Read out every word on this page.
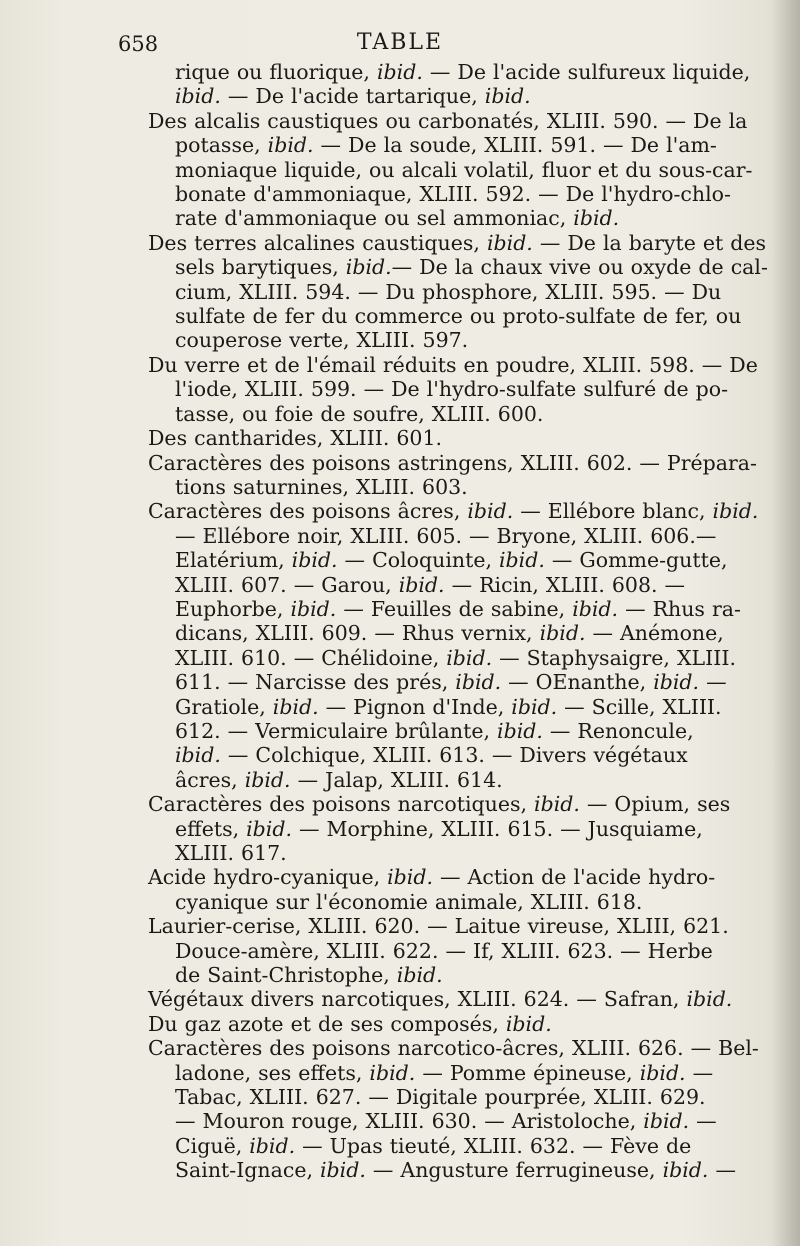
658	TABLE

rique ou fluorique, ibid. — De l'acide sulfureux liquide,

ibid. — De l'acide tartarique, ibid.

Des alcalis caustiques ou carbonatés, XLIII. 590. — De la

potasse, ibid. — De la soude, XLIII. 591. — De l'am-

moniaque liquide, ou alcali volatil, fluor et du sous-car-

bonate d'ammoniaque, XLIII. 592. — De l'hydro-chlo-

rate d'ammoniaque ou sel ammoniac, ibid.

Des terres alcalines caustiques, ibid. — De la baryte et des

sels barytiques, ibid.— De la chaux vive ou oxyde de cal-

cium, XLIII. 594. — Du phosphore, XLIII. 595. — Du

sulfate de fer du commerce ou proto-sulfate de fer, ou

couperose verte, XLIII. 597.

Du verre et de l'émail réduits en poudre, XLIII. 598. — De

l'iode, XLIII. 599. — De l'hydro-sulfate sulfuré de po-

tasse, ou foie de soufre, XLIII. 600.

Des cantharides, XLIII. 601.

Caractères des poisons astringens, XLIII. 602. — Prépara-

tions saturnines, XLIII. 603.

Caractères des poisons âcres, ibid. — Ellébore blanc, ibid.

— Ellébore noir, XLIII. 605. — Bryone, XLIII. 606.—

Elatérium, ibid. — Coloquinte, ibid. — Gomme-gutte,

XLIII. 607. — Garou, ibid. — Ricin, XLIII. 608. —

Euphorbe, ibid. — Feuilles de sabine, ibid. — Rhus ra-

dicans, XLIII. 609. — Rhus vernix, ibid. — Anémone,

XLIII. 610. — Chélidoine, ibid. — Staphysaigre, XLIII.

611. — Narcisse des prés, ibid. — OEnanthe, ibid. —

Gratiole, ibid. — Pignon d'Inde, ibid. — Scille, XLIII.

612. — Vermiculaire brûlante, ibid. — Renoncule,

ibid. — Colchique, XLIII. 613. — Divers végétaux

âcres, ibid. — Jalap, XLIII. 614.

Caractères des poisons narcotiques, ibid. — Opium, ses

effets, ibid. — Morphine, XLIII. 615. — Jusquiame,

XLIII. 617.

Acide hydro-cyanique, ibid. — Action de l'acide hydro-

cyanique sur l'économie animale, XLIII. 618.

Laurier-cerise, XLIII. 620. — Laitue vireuse, XLIII, 621.

Douce-amère, XLIII. 622. — If, XLIII. 623. — Herbe

de Saint-Christophe, ibid.

Végétaux divers narcotiques, XLIII. 624. — Safran, ibid.

Du gaz azote et de ses composés, ibid.

Caractères des poisons narcotico-âcres, XLIII. 626. — Bel-

ladone, ses effets, ibid. — Pomme épineuse, ibid. —

Tabac, XLIII. 627. — Digitale pourprée, XLIII. 629.

— Mouron rouge, XLIII. 630. — Aristoloche, ibid. —

Ciguë, ibid. — Upas tieuté, XLIII. 632. — Fève de

Saint-Ignace, ibid. — Angusture ferrugineuse, ibid. —
